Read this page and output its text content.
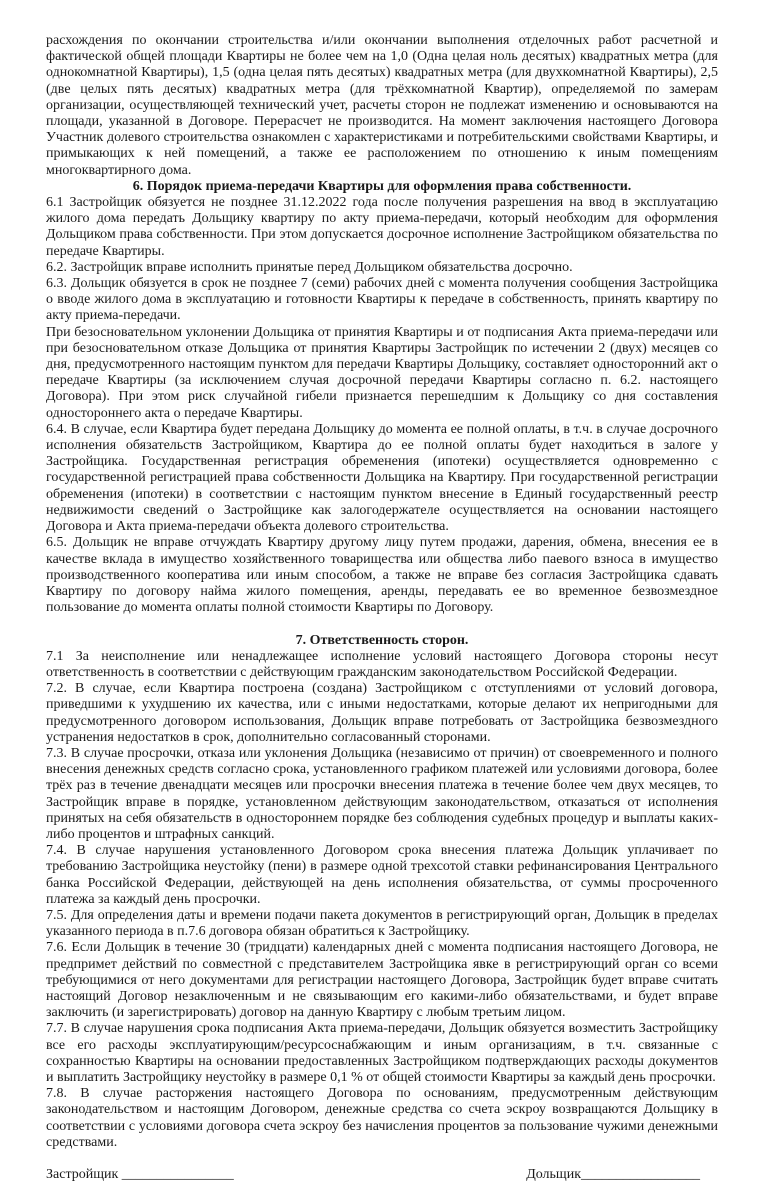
расхождения по окончании строительства и/или окончании выполнения отделочных работ расчетной и фактической общей площади Квартиры не более чем на 1,0 (Одна целая ноль десятых) квадратных метра (для однокомнатной Квартиры), 1,5 (одна целая пять десятых) квадратных метра (для двухкомнатной Квартиры), 2,5 (две целых пять десятых) квадратных метра (для трёхкомнатной Квартир), определяемой по замерам организации, осуществляющей технический учет, расчеты сторон не подлежат изменению и основываются на площади, указанной в Договоре. Перерасчет не производится. На момент заключения настоящего Договора Участник долевого строительства ознакомлен с характеристиками и потребительскими свойствами Квартиры, и примыкающих к ней помещений, а также ее расположением по отношению к иным помещениям многоквартирного дома.

6. Порядок приема-передачи Квартиры для оформления права собственности.

6.1 Застройщик обязуется не позднее 31.12.2022 года после получения разрешения на ввод в эксплуатацию жилого дома передать Дольщику квартиру по акту приема-передачи, который необходим для оформления Дольщиком права собственности. При этом допускается досрочное исполнение Застройщиком обязательства по передаче Квартиры.

6.2. Застройщик вправе исполнить принятые перед Дольщиком обязательства досрочно.

6.3. Дольщик обязуется в срок не позднее 7 (семи) рабочих дней с момента получения сообщения Застройщика о вводе жилого дома в эксплуатацию и готовности Квартиры к передаче в собственность, принять квартиру по акту приема-передачи.

При безосновательном уклонении Дольщика от принятия Квартиры и от подписания Акта приема-передачи или при безосновательном отказе Дольщика от принятия Квартиры Застройщик по истечении 2 (двух) месяцев со дня, предусмотренного настоящим пунктом для передачи Квартиры Дольщику, составляет односторонний акт о передаче Квартиры (за исключением случая досрочной передачи Квартиры согласно п. 6.2. настоящего Договора). При этом риск случайной гибели признается перешедшим к Дольщику со дня составления одностороннего акта о передаче Квартиры.

6.4. В случае, если Квартира будет передана Дольщику до момента ее полной оплаты, в т.ч. в случае досрочного исполнения обязательств Застройщиком, Квартира до ее полной оплаты будет находиться в залоге у Застройщика. Государственная регистрация обременения (ипотеки) осуществляется одновременно с государственной регистрацией права собственности Дольщика на Квартиру. При государственной регистрации обременения (ипотеки) в соответствии с настоящим пунктом внесение в Единый государственный реестр недвижимости сведений о Застройщике как залогодержателе осуществляется на основании настоящего Договора и Акта приема-передачи объекта долевого строительства.

6.5. Дольщик не вправе отчуждать Квартиру другому лицу путем продажи, дарения, обмена, внесения ее в качестве вклада в имущество хозяйственного товарищества или общества либо паевого взноса в имущество производственного кооператива или иным способом, а также не вправе без согласия Застройщика сдавать Квартиру по договору найма жилого помещения, аренды, передавать ее во временное безвозмездное пользование до момента оплаты полной стоимости Квартиры по Договору.

7. Ответственность сторон.

7.1 За неисполнение или ненадлежащее исполнение условий настоящего Договора стороны несут ответственность в соответствии с действующим гражданским законодательством Российской Федерации.

7.2. В случае, если Квартира построена (создана) Застройщиком с отступлениями от условий договора, приведшими к ухудшению их качества, или с иными недостатками, которые делают их непригодными для предусмотренного договором использования, Дольщик вправе потребовать от Застройщика безвозмездного устранения недостатков в срок, дополнительно согласованный сторонами.

7.3. В случае просрочки, отказа или уклонения Дольщика (независимо от причин) от своевременного и полного внесения денежных средств согласно срока, установленного графиком платежей или условиями договора, более трёх раз в течение двенадцати месяцев или просрочки внесения платежа в течение более чем двух месяцев, то Застройщик вправе в порядке, установленном действующим законодательством, отказаться от исполнения принятых на себя обязательств в одностороннем порядке без соблюдения судебных процедур и выплаты каких-либо процентов и штрафных санкций.

7.4. В случае нарушения установленного Договором срока внесения платежа Дольщик уплачивает по требованию Застройщика неустойку (пени) в размере одной трехсотой ставки рефинансирования Центрального банка Российской Федерации, действующей на день исполнения обязательства, от суммы просроченного платежа за каждый день просрочки.

7.5. Для определения даты и времени подачи пакета документов в регистрирующий орган, Дольщик в пределах указанного периода в п.7.6 договора обязан обратиться к Застройщику.

7.6. Если Дольщик в течение 30 (тридцати) календарных дней с момента подписания настоящего Договора, не предпримет действий по совместной с представителем Застройщика явке в регистрирующий орган со всеми требующимися от него документами для регистрации настоящего Договора, Застройщик будет вправе считать настоящий Договор незаключенным и не связывающим его какими-либо обязательствами, и будет вправе заключить (и зарегистрировать) договор на данную Квартиру с любым третьим лицом.

7.7. В случае нарушения срока подписания Акта приема-передачи, Дольщик обязуется возместить Застройщику все его расходы эксплуатирующим/ресурсоснабжающим и иным организациям, в т.ч. связанные с сохранностью Квартиры на основании предоставленных Застройщиком подтверждающих расходы документов и выплатить Застройщику неустойку в размере 0,1 % от общей стоимости Квартиры за каждый день просрочки.

7.8. В случае расторжения настоящего Договора по основаниям, предусмотренным действующим законодательством и настоящим Договором, денежные средства со счета эскроу возвращаются Дольщику в соответствии с условиями договора счета эскроу без начисления процентов за пользование чужими денежными средствами.

Застройщик ________________	Дольщик_________________
